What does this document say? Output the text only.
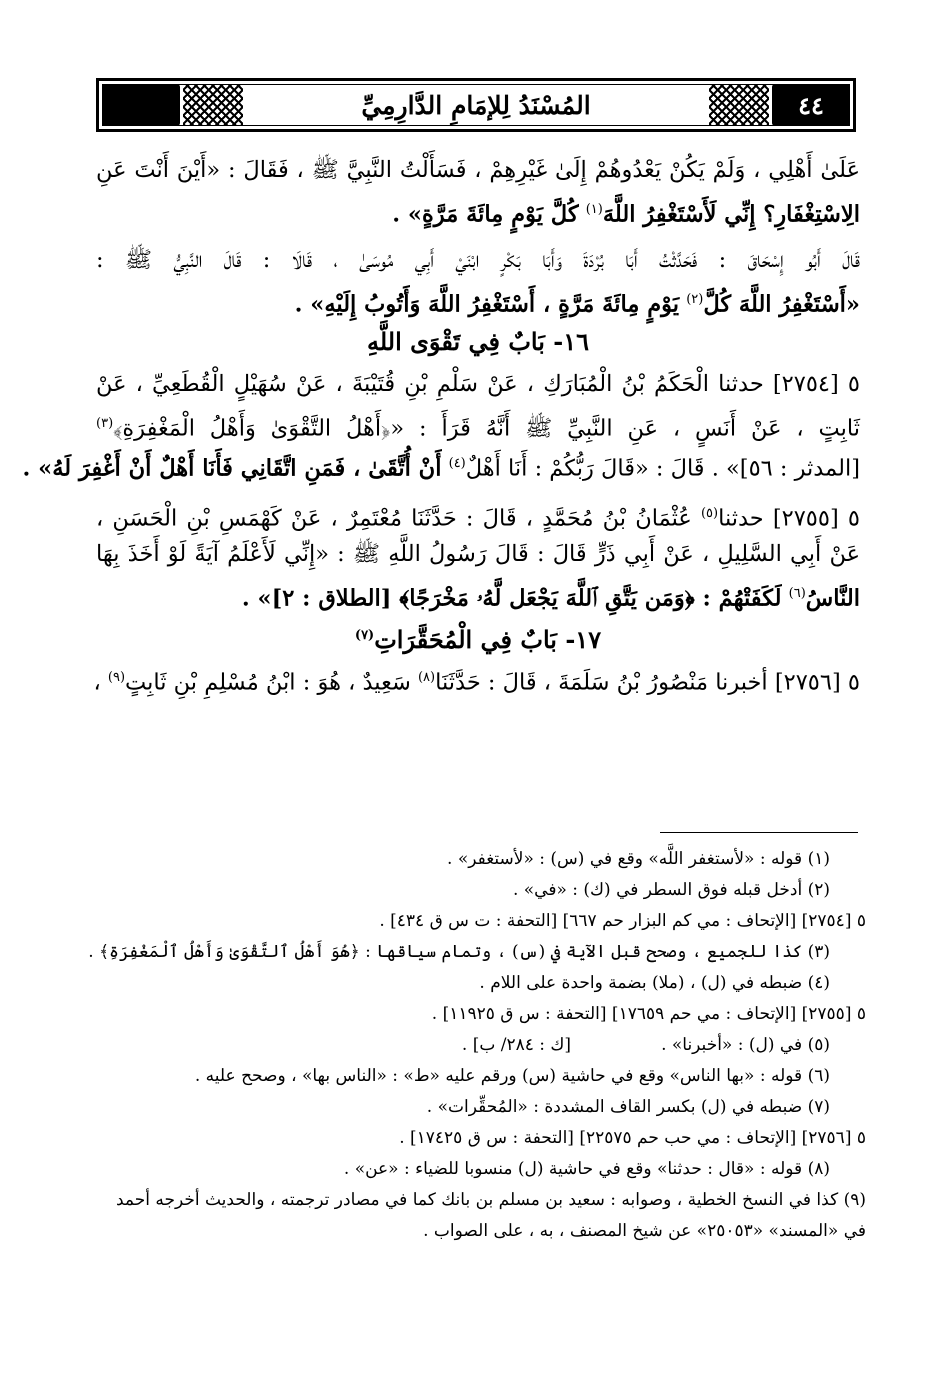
٤٤
المُسْنَدُ لِلإمَامِ الدَّارِمِيِّ
عَلَىٰ أَهْلِي ، وَلَمْ يَكُنْ يَعْدُوهُمْ إِلَىٰ غَيْرِهِمْ ، فَسَأَلْتُ النَّبِيَّ ﷺ ، فَقَالَ : «أَيْنَ أَنْتَ عَنِ
الِاسْتِغْفَارِ؟ إِنِّي لَأَسْتَغْفِرُ اللَّهَ$^{(١)}$ كُلَّ يَوْمٍ مِائَةَ مَرَّةٍ» .
قَالَ أَبُو إِسْحَاقَ : فَحَدَّثْتُ أَبَا بُرْدَةَ وَأَبَا بَكْرٍ ابْنَيْ أَبِي مُوسَىٰ ، قَالَا : قَالَ النَّبِيُّ ﷺ :
«أَسْتَغْفِرُ اللَّهَ كُلَّ$^{(٢)}$ يَوْمٍ مِائَةَ مَرَّةٍ ، أَسْتَغْفِرُ اللَّهَ وَأَتُوبُ إِلَيْهِ» .
١٦- بَابٌ فِي تَقْوَى اللَّهِ
٥ [٢٧٥٤] حدثنا الْحَكَمُ بْنُ الْمُبَارَكِ ، عَنْ سَلْمِ بْنِ قُتَيْبَةَ ، عَنْ سُهَيْلٍ الْقُطَعِيِّ ، عَنْ
ثَابِتٍ ، عَنْ أَنَسٍ ، عَنِ النَّبِيِّ ﷺ أَنَّهُ قَرَأَ : «﴿أَهْلُ التَّقْوَىٰ وَأَهْلُ الْمَغْفِرَةِ﴾$^{(٣)}$
[المدثر : ٥٦]» . قَالَ : «قَالَ رَبُّكُمْ : أَنَا أَهْلٌ$^{(٤)}$ أَنْ أُتَّقَىٰ ، فَمَنِ اتَّقَانِي فَأَنَا أَهْلٌ أَنْ أَغْفِرَ لَهُ» .
٥ [٢٧٥٥] حدثنا$^{(٥)}$ عُثْمَانُ بْنُ مُحَمَّدٍ ، قَالَ : حَدَّثَنَا مُعْتَمِرٌ ، عَنْ كَهْمَسِ بْنِ الْحَسَنِ ،
عَنْ أَبِي السَّلِيلِ ، عَنْ أَبِي ذَرٍّ قَالَ : قَالَ رَسُولُ اللَّهِ ﷺ : «إِنِّي لَأَعْلَمُ آيَةً لَوْ أَخَذَ بِهَا
النَّاسُ$^{(٦)}$ لَكَفَتْهُمْ : ﴿وَمَن يَتَّقِ ٱللَّهَ يَجْعَل لَّهُۥ مَخْرَجًا﴾ [الطلاق : ٢]» .
١٧- بَابٌ فِي الْمُحَقَّرَاتِ$^{(٧)}$
٥ [٢٧٥٦] أخبرنا مَنْصُورُ بْنُ سَلَمَةَ ، قَالَ : حَدَّثَنَا$^{(٨)}$ سَعِيدٌ ، هُوَ : ابْنُ مُسْلِمِ بْنِ ثَابِتٍ$^{(٩)}$ ،
(١) قوله : «لأستغفر اللَّه» وقع في (س) : «لأستغفر» .
(٢) أدخل قبله فوق السطر في (ك) : «في» .
٥ [٢٧٥٤] [الإتحاف : مي كم البزار حم ٦٦٧] [التحفة : ت س ق ٤٣٤] .
(٣) كذا للجميع ، وصحح قبل الآية في (س) ، وتمام سياقها : ﴿هُوَ أَهْلُ ٱلتَّقْوَىٰ وَأَهْلُ ٱلْمَغْفِرَةِ﴾ .
(٤) ضبطه في (ل) ، (ملا) بضمة واحدة على اللام .
٥ [٢٧٥٥] [الإتحاف : مي حم ١٧٦٥٩] [التحفة : س ق ١١٩٢٥] .
(٥) في (ل) : «أخبرنا» .
[ك : ٢٨٤/ ب] .
(٦) قوله : «بها الناس» وقع في حاشية (س) ورقم عليه «ط» : «الناس بها» ، وصحح عليه .
(٧) ضبطه في (ل) بكسر القاف المشددة : «المُحقِّرات» .
٥ [٢٧٥٦] [الإتحاف : مي حب حم ٢٢٥٧٥] [التحفة : س ق ١٧٤٢٥] .
(٨) قوله : «قال : حدثنا» وقع في حاشية (ل) منسوبا للضياء : «عن» .
(٩) كذا في النسخ الخطية ، وصوابه : سعيد بن مسلم بن بانك كما في مصادر ترجمته ، والحديث أخرجه أحمد
في «المسند» «٢٥٠٥٣» عن شيخ المصنف ، به ، على الصواب .
